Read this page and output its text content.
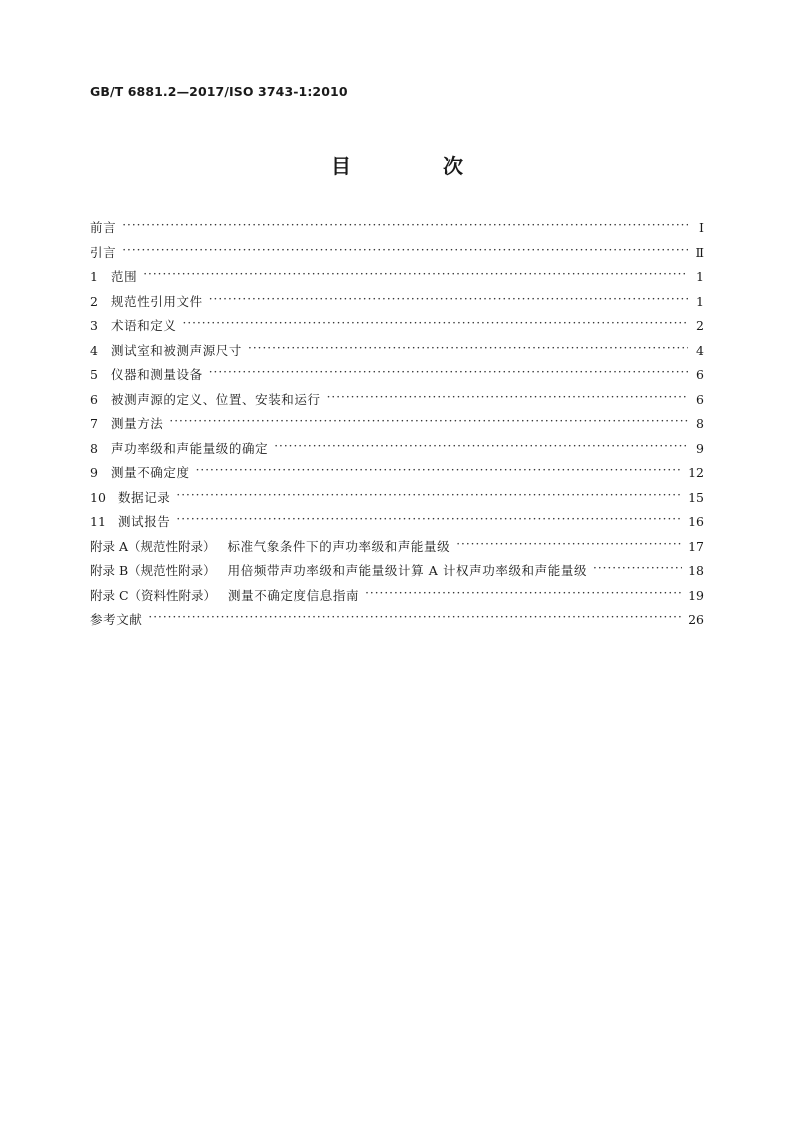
GB/T 6881.2—2017/ISO 3743-1:2010
目　次
前言 ·····	Ⅰ
引言 ·····	Ⅱ
1	范围 ·····	1
2	规范性引用文件 ·····	1
3	术语和定义 ·····	2
4	测试室和被测声源尺寸 ·····	4
5	仪器和测量设备 ·····	6
6	被测声源的定义、位置、安装和运行 ·····	6
7	测量方法 ·····	8
8	声功率级和声能量级的确定 ·····	9
9	测量不确定度 ·····	12
10 数据记录 ·····	15
11 测试报告 ·····	16
附录 A（规范性附录） 标准气象条件下的声功率级和声能量级 ·····	17
附录 B（规范性附录） 用倍频带声功率级和声能量级计算 A 计权声功率级和声能量级 ·····	18
附录 C（资料性附录） 测量不确定度信息指南 ·····	19
参考文献 ·····	26
